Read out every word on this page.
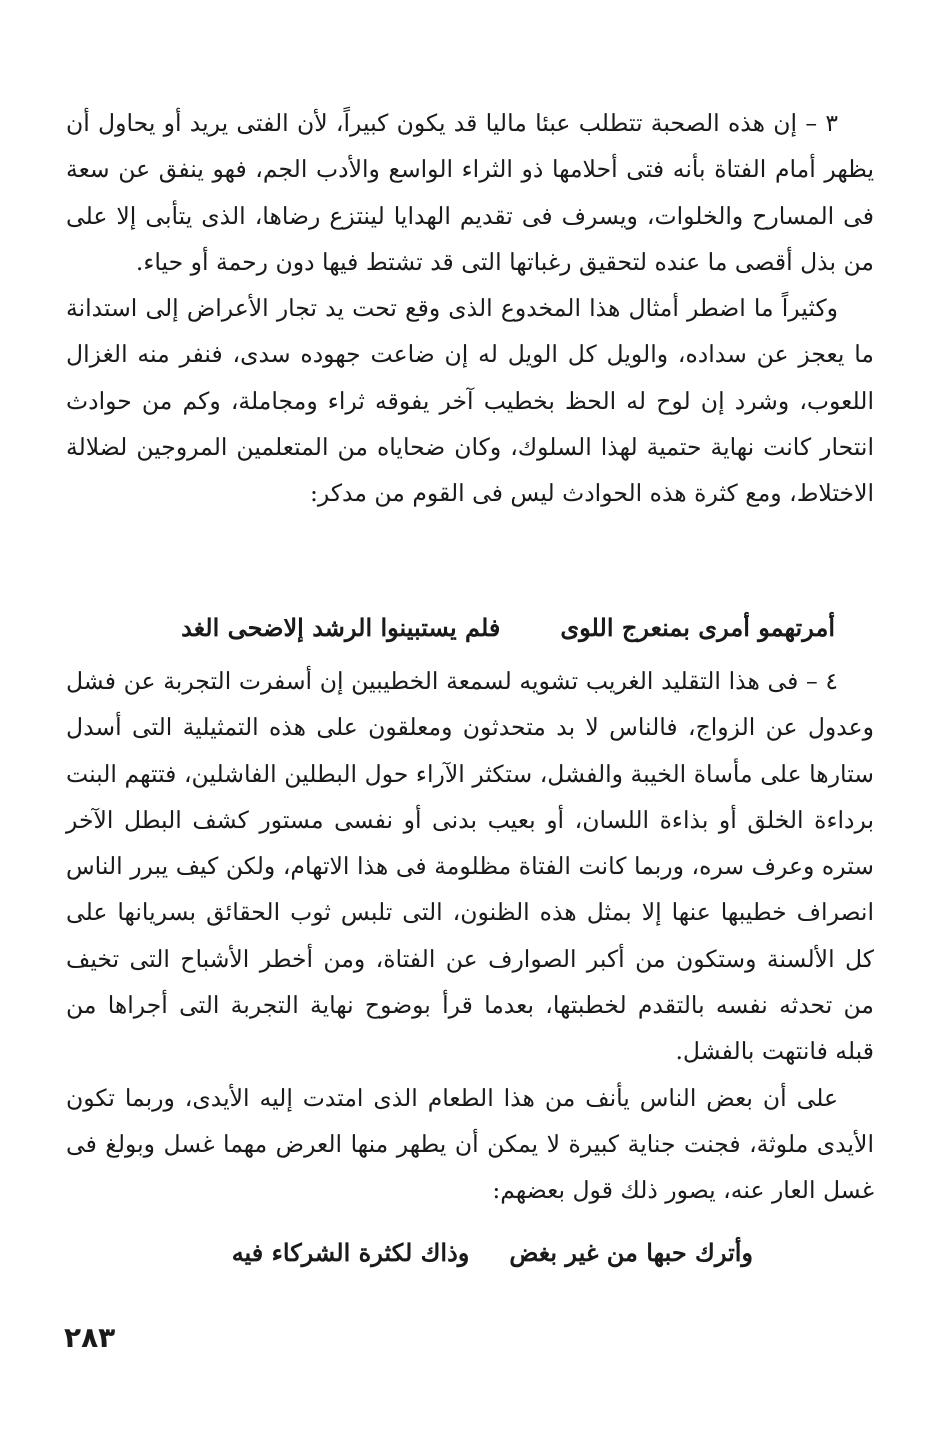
٣ – إن هذه الصحبة تتطلب عبئا ماليا قد يكون كبيراً، لأن الفتى يريد أو يحاول أن يظهر أمام الفتاة بأنه فتى أحلامها ذو الثراء الواسع والأدب الجم، فهو ينفق عن سعة فى المسارح والخلوات، ويسرف فى تقديم الهدايا لينتزع رضاها، الذى يتأبى إلا على من بذل أقصى ما عنده لتحقيق رغباتها التى قد تشتط فيها دون رحمة أو حياء.

وكثيراً ما اضطر أمثال هذا المخدوع الذى وقع تحت يد تجار الأعراض إلى استدانة ما يعجز عن سداده، والويل كل الويل له إن ضاعت جهوده سدى، فنفر منه الغزال اللعوب، وشرد إن لوح له الحظ بخطيب آخر يفوقه ثراء ومجاملة، وكم من حوادث انتحار كانت نهاية حتمية لهذا السلوك، وكان ضحاياه من المتعلمين المروجين لضلالة الاختلاط، ومع كثرة هذه الحوادث ليس فى القوم من مدكر:

أمرتهمو أمرى بمنعرج اللوىفلم يستبينوا الرشد إلاضحى الغد

٤ – فى هذا التقليد الغريب تشويه لسمعة الخطيبين إن أسفرت التجربة عن فشل وعدول عن الزواج، فالناس لا بد متحدثون ومعلقون على هذه التمثيلية التى أسدل ستارها على مأساة الخيبة والفشل، ستكثر الآراء حول البطلين الفاشلين، فتتهم البنت برداءة الخلق أو بذاءة اللسان، أو بعيب بدنى أو نفسى مستور كشف البطل الآخر ستره وعرف سره، وربما كانت الفتاة مظلومة فى هذا الاتهام، ولكن كيف يبرر الناس انصراف خطيبها عنها إلا بمثل هذه الظنون، التى تلبس ثوب الحقائق بسريانها على كل الألسنة وستكون من أكبر الصوارف عن الفتاة، ومن أخطر الأشباح التى تخيف من تحدثه نفسه بالتقدم لخطبتها، بعدما قرأ بوضوح نهاية التجربة التى أجراها من قبله فانتهت بالفشل.

على أن بعض الناس يأنف من هذا الطعام الذى امتدت إليه الأيدى، وربما تكون الأيدى ملوثة، فجنت جناية كبيرة لا يمكن أن يطهر منها العرض مهما غسل وبولغ فى غسل العار عنه، يصور ذلك قول بعضهم:

وأترك حبها من غير بغضوذاك لكثرة الشركاء فيه
٢٨٣
